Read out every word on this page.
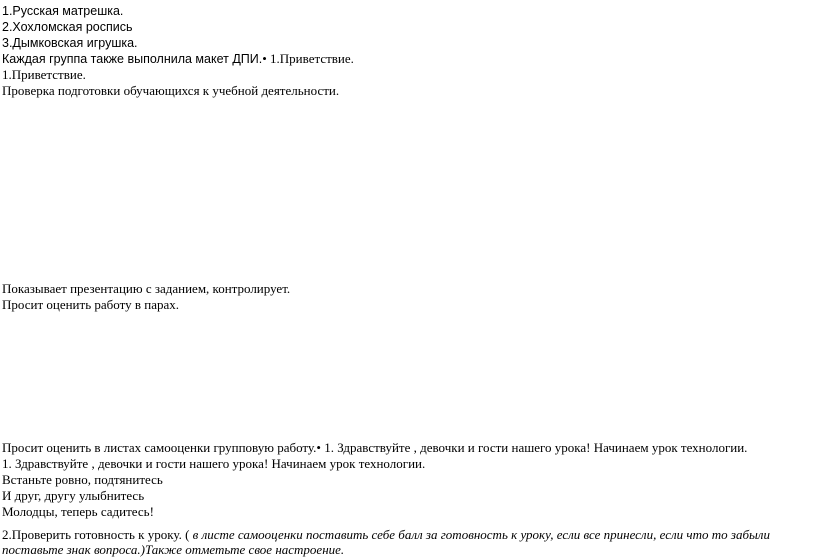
1.Русская матрешка.
2.Хохломская роспись
3.Дымковская игрушка.
Каждая группа также выполнила макет ДПИ.• 1.Приветствие.
1.Приветствие.
Проверка подготовки обучающихся к учебной деятельности.
Показывает презентацию с заданием, контролирует.
Просит оценить работу в парах.
Просит оценить в листах самооценки групповую работу.• 1. Здравствуйте , девочки и гости нашего урока! Начинаем урок технологии.
1. Здравствуйте , девочки и гости нашего урока! Начинаем урок технологии.
Встаньте ровно, подтянитесь
И друг, другу улыбнитесь
Молодцы, теперь садитесь!
2.Проверить готовность к уроку. ( в листе самооценки поставить себе балл за готовность к уроку, если все принесли, если что то забыли
поставьте знак вопроса.)Также отметьте свое настроение.
